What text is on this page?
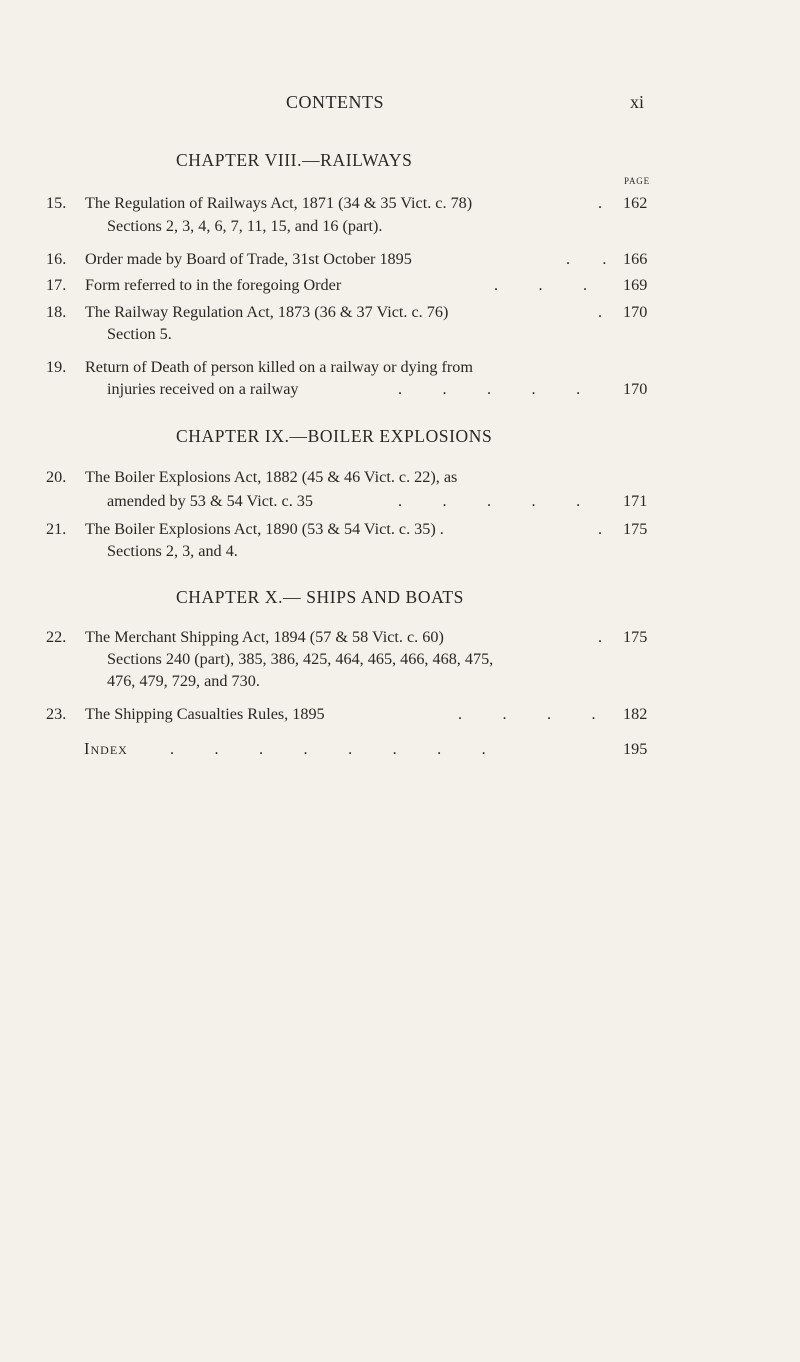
CONTENTS	xi
CHAPTER VIII.—RAILWAYS
PAGE
15. The Regulation of Railways Act, 1871 (34 & 35 Vict. c. 78)	. 162
Sections 2, 3, 4, 6, 7, 11, 15, and 16 (part).
16. Order made by Board of Trade, 31st October 1895	.        . 166
17. Form referred to in the foregoing Order	.          .          . 169
18. The Railway Regulation Act, 1873 (36 & 37 Vict. c. 76)	. 170
Section 5.
19. Return of Death of person killed on a railway or dying from
injuries received on a railway	.          .          .          .          .	170
CHAPTER IX.—BOILER EXPLOSIONS
20. The Boiler Explosions Act, 1882 (45 & 46 Vict. c. 22), as
amended by 53 & 54 Vict. c. 35	.          .          .          .          .	171
21. The Boiler Explosions Act, 1890 (53 & 54 Vict. c. 35) .	. 175
Sections 2, 3, and 4.
CHAPTER X.— SHIPS AND BOATS
22. The Merchant Shipping Act, 1894 (57 & 58 Vict. c. 60)	. 175
Sections 240 (part), 385, 386, 425, 464, 465, 466, 468, 475,
476, 479, 729, and 730.
23. The Shipping Casualties Rules, 1895	.          .          .          . 182
Index	.          .          .          .          .          .          .          .	195
